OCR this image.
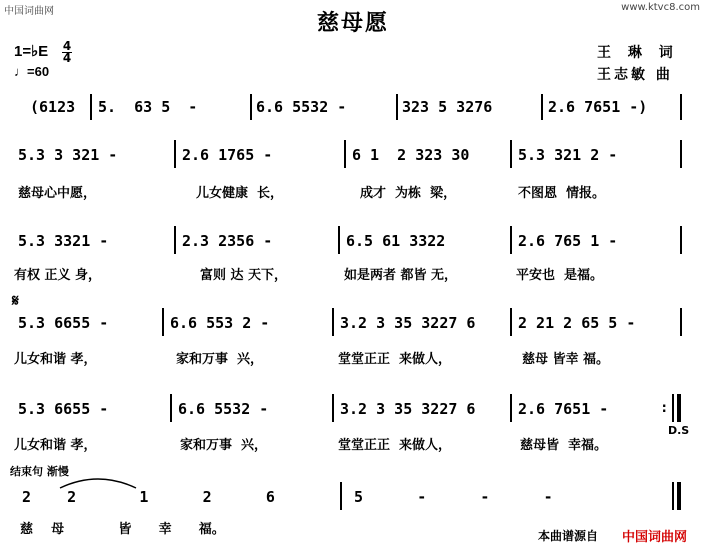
中国词曲网	www.ktvc8.com
慈母愿
1=♭E 4
4
♩=60
王 琳 词
王志敏 曲
(6123 5.  63 5  -	6.6 5532 -	323 5 3276	2.6 7651 -)
5.3 3 321 -	2.6 1765 -	6 1  2 323 30	5.3 321 2 -
慈母心中愿，	儿女健康  长，	成才  为栋  梁，	不图恩  情报。
5.3 3321 -	2.3 2356 -	6.5 61 3322	2.6 765 1 -
有权 正义 身，	富则 达 天下，	如是两者 都皆 无，	平安也  是福。
𝄋
5.3 6655 -	6.6 553 2 -	3.2 3 35 3227 6	2 21 2 65 5 -
儿女和谐 孝，	家和万事  兴，	堂堂正正  来做人，	慈母 皆幸 福。
5.3 6655 -	6.6 5532 -	3.2 3 35 3227 6	2.6 7651 -	:
D.S
儿女和谐 孝，	家和万事  兴，	堂堂正正  来做人，	慈母皆  幸福。
结束句 渐慢
2    2       1      2      6	5      -      -      -
慈    母            皆      幸      福。	本曲谱源自 中国词曲网
